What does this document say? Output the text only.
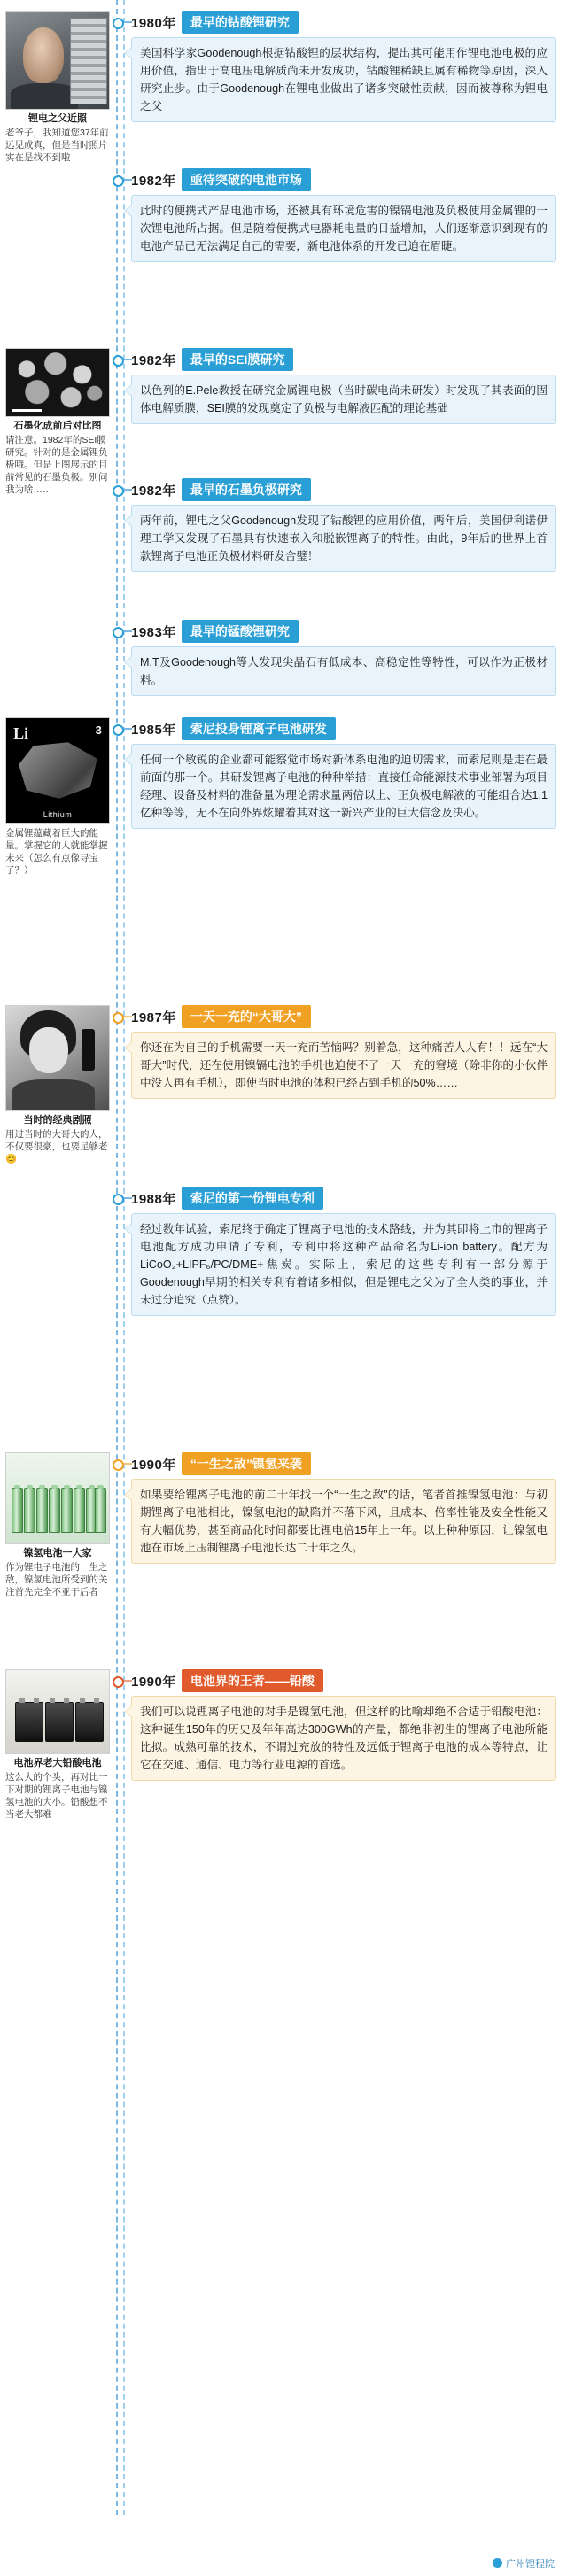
锂电之父近照
老爷子，我知道您37年前远见成真，但是当时照片实在是找不到啦
1980年	最早的钴酸锂研究
美国科学家Goodenough根据钴酸锂的层状结构，提出其可能用作锂电池电极的应用价值，指出于高电压电解质尚未开发成功，钴酸锂稀缺且属有稀物等原因，深入研究止步。由于Goodenough在锂电业做出了诸多突破性贡献，因而被尊称为锂电之父
1982年	亟待突破的电池市场
此时的便携式产品电池市场，还被具有环境危害的镍镉电池及负极使用金属锂的一次锂电池所占据。但是随着便携式电器耗电量的日益增加，人们逐渐意识到现有的电池产品已无法满足自己的需要，新电池体系的开发已迫在眉睫。
石墨化成前后对比图
请注意。1982年的SEI膜研究。针对的是金属锂负极哦。但是上图展示的目前常见的石墨负极。别问我为啥……
1982年	最早的SEI膜研究
以色列的E.Pele教授在研究金属锂电极（当时碳电尚未研发）时发现了其表面的固体电解质膜，SEI膜的发现奠定了负极与电解液匹配的理论基础
1982年	最早的石墨负极研究
两年前，锂电之父Goodenough发现了钴酸锂的应用价值，两年后，美国伊利诺伊理工学又发现了石墨具有快速嵌入和脱嵌锂离子的特性。由此，9年后的世界上首款锂离子电池正负极材料研发合璧！
1983年	最早的锰酸锂研究
M.T及Goodenough等人发现尖晶石有低成本、高稳定性等特性，可以作为正极材料。
Li	3
Lithium
金属锂蕴藏着巨大的能量。掌握它的人就能掌握未来（怎么有点像寻宝了？）
1985年	索尼投身锂离子电池研发
任何一个敏锐的企业都可能察觉市场对新体系电池的迫切需求，而索尼则是走在最前面的那一个。其研发锂离子电池的种种举措：直接任命能源技术事业部署为项目经理、设备及材料的准备量为理论需求量两倍以上、正负极电解液的可能组合达1.1亿种等等，无不在向外界炫耀着其对这一新兴产业的巨大信念及决心。
当时的经典剧照
用过当时的大哥大的人，不仅要很豪，也要足够老 😊
1987年	一天一充的“大哥大”
你还在为自己的手机需要一天一充而苦恼吗？别着急，这种痛苦人人有！！远在“大哥大”时代，还在使用镍镉电池的手机也迫使不了一天一充的窘境（除非你的小伙伴中没人再有手机），即使当时电池的体积已经占到手机的50%……
1988年	索尼的第一份锂电专利
经过数年试验，索尼终于确定了锂离子电池的技术路线，并为其即将上市的锂离子电池配方成功申请了专利，专利中将这种产品命名为Li-ion battery。配方为LiCoO₂+LIPF₆/PC/DME+焦炭。实际上，索尼的这些专利有一部分源于Goodenough早期的相关专利有着诸多相似，但是锂电之父为了全人类的事业，并未过分追究（点赞）。
镍氢电池一大家
作为锂电子电池的一生之敌，镍氢电池所受到的关注首先完全不亚于后者
1990年	“一生之敌”镍氢来袭
如果要给锂离子电池的前二十年找一个“一生之敌”的话，笔者首推镍氢电池：与初期锂离子电池相比，镍氢电池的缺陷并不落下风，且成本、倍率性能及安全性能又有大幅优势，甚至商品化时间都要比锂电倍15年上一年。以上种种原因，让镍氢电池在市场上压制锂离子电池长达二十年之久。
电池界老大铅酸电池
这么大的个头，再对比一下对期的锂离子电池与镍氢电池的大小。铅酸想不当老大都难
1990年	电池界的王者——铅酸
我们可以说锂离子电池的对手是镍氢电池，但这样的比喻却绝不合适于铅酸电池：这种诞生150年的历史及年年高达300GWh的产量，都绝非初生的锂离子电池所能比拟。成熟可靠的技术，不谓过充放的特性及远低于锂离子电池的成本等特点，让它在交通、通信、电力等行业电源的首选。
广州锂程院
